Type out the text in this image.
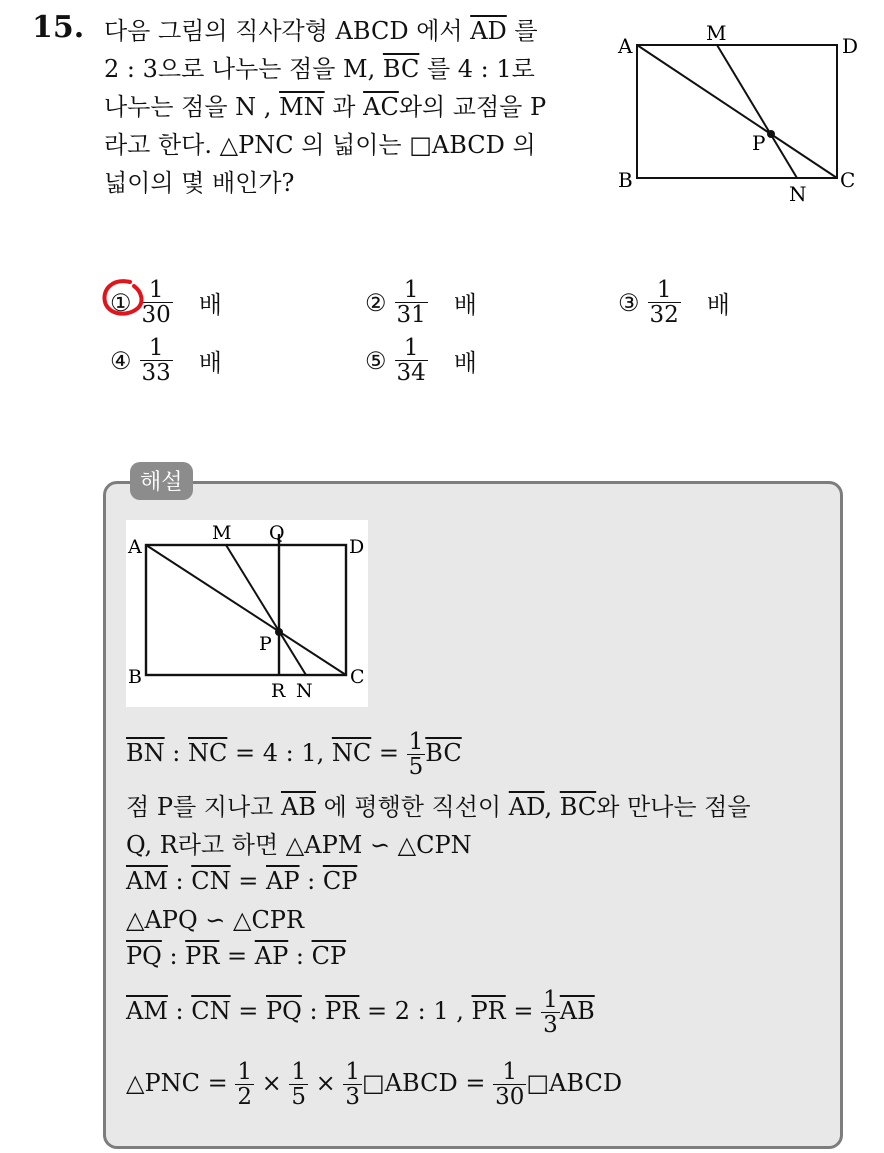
15. 다음 그림의 직사각형 ABCD 에서 $\overline{AD}$ 를
2 : 3으로 나누는 점을 M, $\overline{BC}$ 를 4 : 1로
나누는 점을 N , $\overline{MN}$ 과 $\overline{AC}$와의 교점을 P
라고 한다. △PNC 의 넓이는 □ABCD 의
넓이의 몇 배인가?
A
M
D
P
B	C
N
① $\frac{1}{30}$ 배	② $\frac{1}{31}$ 배	③ $\frac{1}{32}$ 배
④ $\frac{1}{33}$ 배	⑤ $\frac{1}{34}$ 배
해설
A
M Q
D
P
B
R N
C
$\overline{BN}$ : $\overline{NC} = 4$ : 1, $\overline{NC} = \frac{1}{5} \overline{BC}$
점 P를 지나고 $\overline{AB}$ 에 평행한 직선이 $\overline{AD}$, $\overline{BC}$와 만나는 점을
Q, R라고 하면 △APM ∽ △CPN
$\overline{AM}$ : $\overline{CN} = \overline{AP}$ : $\overline{CP}$
△APQ ∽ △CPR
$\overline{PQ}$ : $\overline{PR} = \overline{AP}$ : $\overline{CP}$
$\overline{AM}$ : $\overline{CN} = \overline{PQ}$ : $\overline{PR} = 2$ : 1 , $\overline{PR} = \frac{1}{3} \overline{AB}$
△PNC = $\frac{1}{2} \times \frac{1}{5} \times \frac{1}{3}$ □ABCD = $\frac{1}{30}$ □ABCD
